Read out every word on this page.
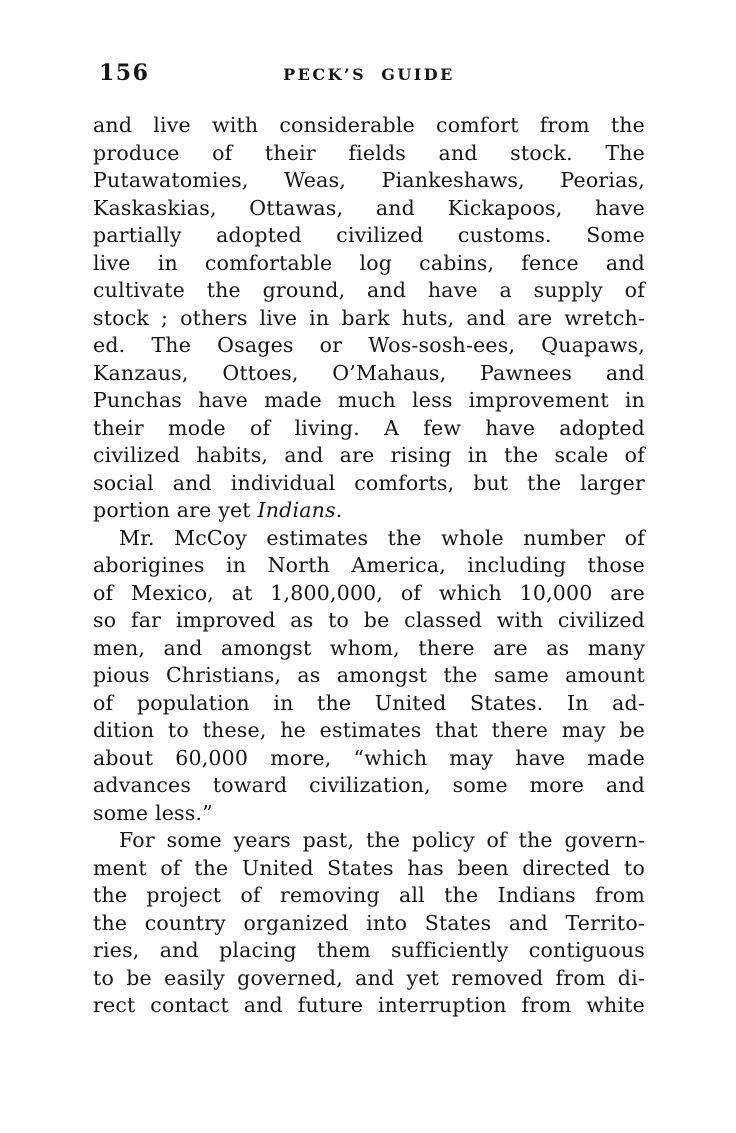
156	PECK’S GUIDE
and live with considerable comfort from the
produce of their fields and stock. The
Putawatomies, Weas, Piankeshaws, Peorias,
Kaskaskias, Ottawas, and Kickapoos, have
partially adopted civilized customs. Some
live in comfortable log cabins, fence and
cultivate the ground, and have a supply of
stock ; others live in bark huts, and are wretch-
ed. The Osages or Wos-sosh-ees, Quapaws,
Kanzaus, Ottoes, O’Mahaus, Pawnees and
Punchas have made much less improvement in
their mode of living. A few have adopted
civilized habits, and are rising in the scale of
social and individual comforts, but the larger
portion are yet Indians.
Mr. McCoy estimates the whole number of
aborigines in North America, including those
of Mexico, at 1,800,000, of which 10,000 are
so far improved as to be classed with civilized
men, and amongst whom, there are as many
pious Christians, as amongst the same amount
of population in the United States. In ad-
dition to these, he estimates that there may be
about 60,000 more, “which may have made
advances toward civilization, some more and
some less.”
For some years past, the policy of the govern-
ment of the United States has been directed to
the project of removing all the Indians from
the country organized into States and Territo-
ries, and placing them sufficiently contiguous
to be easily governed, and yet removed from di-
rect contact and future interruption from white
